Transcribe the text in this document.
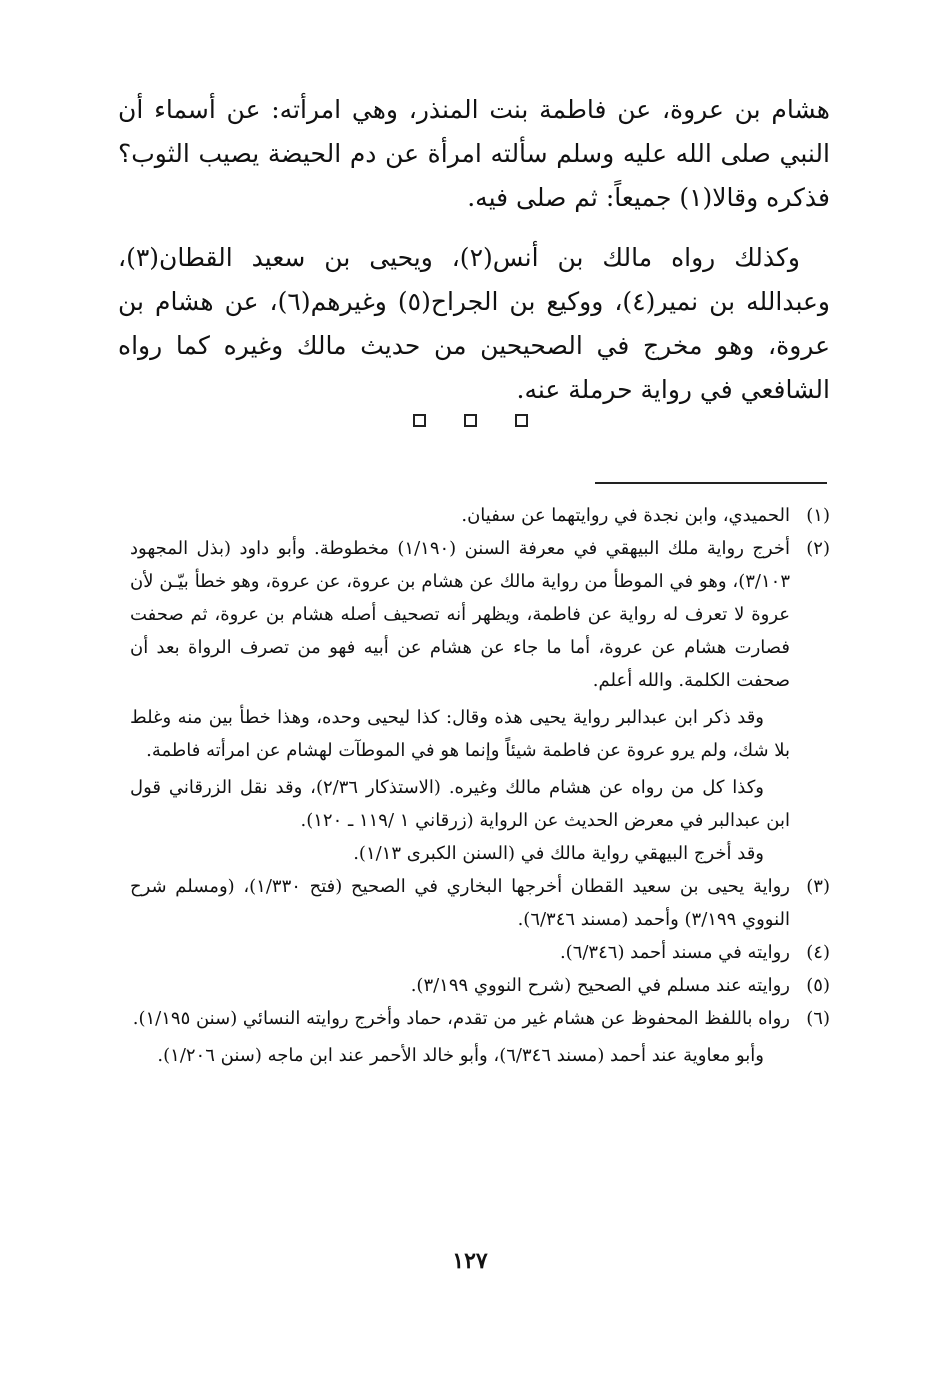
هشام بن عروة، عن فاطمة بنت المنذر، وهي امرأته: عن أسماء أن النبي صلى الله عليه وسلم سألته امرأة عن دم الحيضة يصيب الثوب؟ فذكره وقالا(١) جميعاً: ثم صلى فيه.

وكذلك رواه مالك بن أنس(٢)، ويحيى بن سعيد القطان(٣)، وعبدالله بن نمير(٤)، ووكيع بن الجراح(٥) وغيرهم(٦)، عن هشام بن عروة، وهو مخرج في الصحيحين من حديث مالك وغيره كما رواه الشافعي في رواية حرملة عنه.

(١)

الحميدي، وابن نجدة في روايتهما عن سفيان.

(٢)

أخرج رواية ملك البيهقي في معرفة السنن (١/١٩٠) مخطوطة. وأبو داود (بذل المجهود ٣/١٠٣)، وهو في الموطأ من رواية مالك عن هشام بن عروة، عن عروة، وهو خطأ بيّـن لأن عروة لا تعرف له رواية عن فاطمة، ويظهر أنه تصحيف أصله هشام بن عروة، ثم صحفت فصارت هشام عن عروة، أما ما جاء عن هشام عن أبيه فهو من تصرف الرواة بعد أن صحفت الكلمة. والله أعلم.

وقد ذكر ابن عبدالبر رواية يحيى هذه وقال: كذا ليحيى وحده، وهذا خطأ بين منه وغلط بلا شك، ولم يرو عروة عن فاطمة شيئاً وإنما هو في الموطآت لهشام عن امرأته فاطمة.

وكذا كل من رواه عن هشام مالك وغيره. (الاستذكار ٢/٣٦)، وقد نقل الزرقاني قول ابن عبدالبر في معرض الحديث عن الرواية (زرقاني ١ /١١٩ ـ ١٢٠).

وقد أخرج البيهقي رواية مالك في (السنن الكبرى ١/١٣).

(٣)

رواية يحيى بن سعيد القطان أخرجها البخاري في الصحيح (فتح ١/٣٣٠)، (ومسلم شرح النووي ٣/١٩٩) وأحمد (مسند ٦/٣٤٦).

(٤)

روايته في مسند أحمد (٦/٣٤٦).

(٥)

روايته عند مسلم في الصحيح (شرح النووي ٣/١٩٩).

(٦)

رواه باللفظ المحفوظ عن هشام غير من تقدم، حماد وأخرج روايته النسائي (سنن ١/١٩٥).

وأبو معاوية عند أحمد (مسند ٦/٣٤٦)، وأبو خالد الأحمر عند ابن ماجه (سنن ١/٢٠٦).

١٢٧
